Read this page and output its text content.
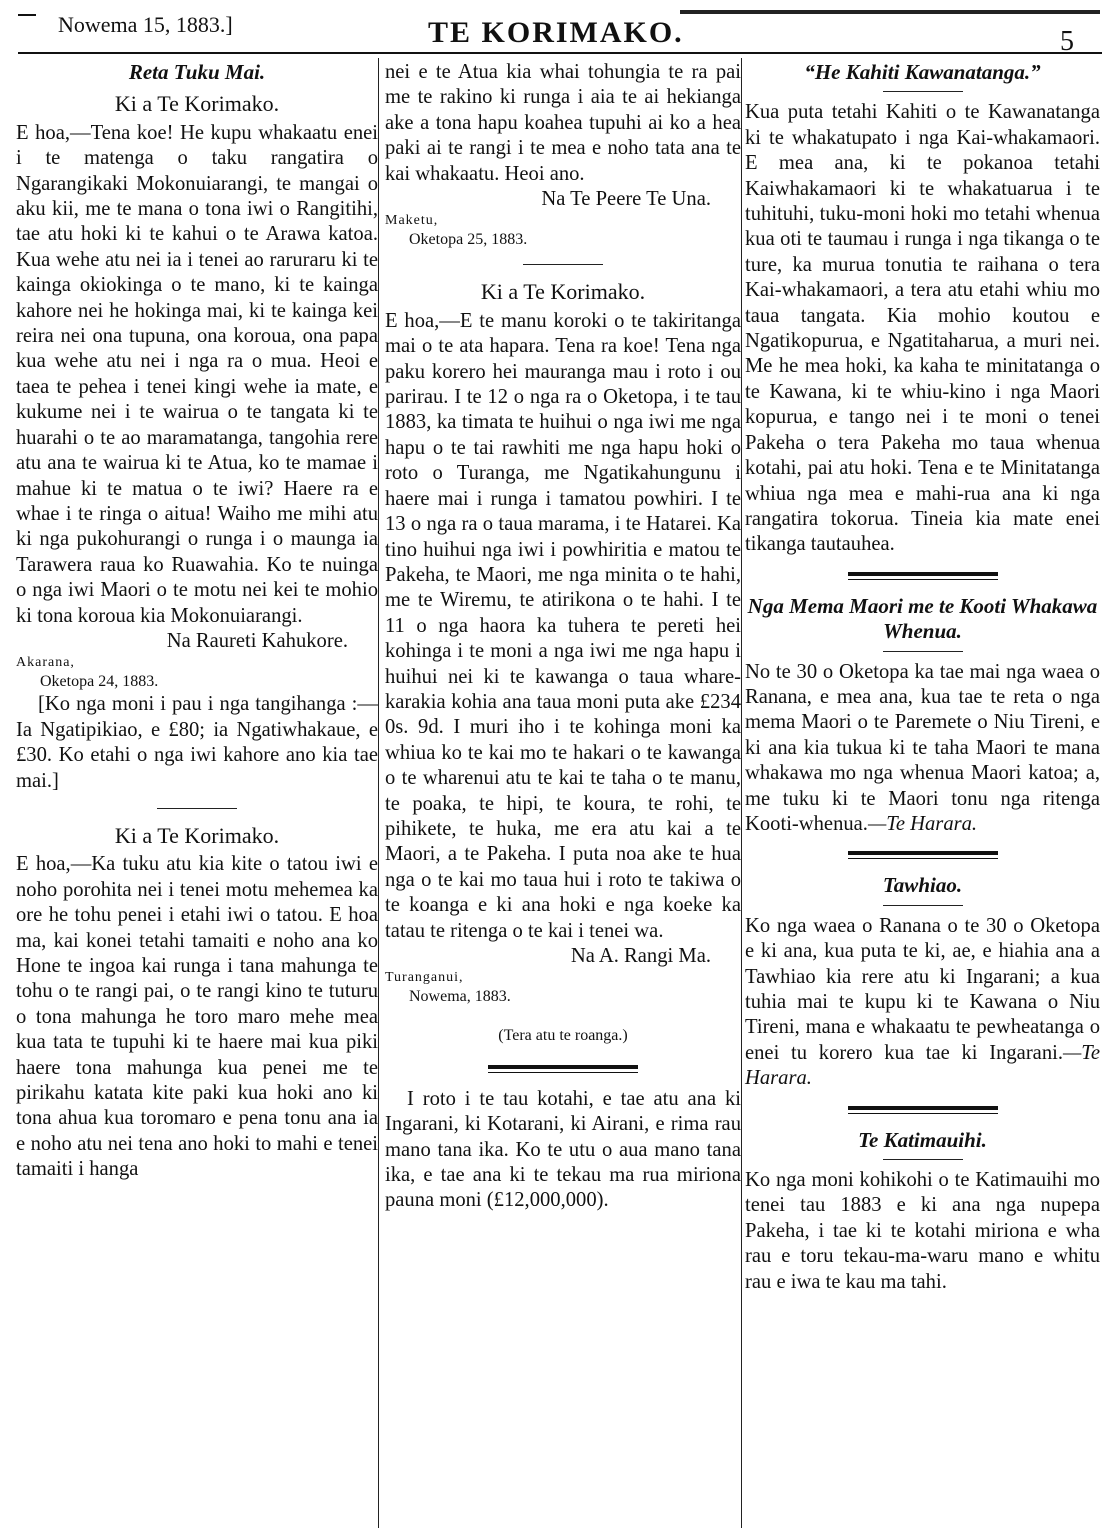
Nowema 15, 1883.]	TE KORIMAKO.	5
Reta Tuku Mai.
Ki a Te Korimako.

E hoa,—Tena koe! He kupu whakaatu enei i te matenga o taku rangatira o Ngarangikaki Mokonuiarangi, te mangai o aku kii, me te mana o tona iwi o Rangitihi, tae atu hoki ki te kahui o te Arawa katoa. Kua wehe atu nei ia i tenei ao raruraru ki te kainga okiokinga o te mano, ki te kainga kahore nei he hokinga mai, ki te kainga kei reira nei ona tupuna, ona koroua, ona papa kua wehe atu nei i nga ra o mua. Heoi e taea te pehea i tenei kingi wehe ia mate, e kukume nei i te wairua o te tangata ki te huarahi o te ao maramatanga, tangohia rere atu ana te wairua ki te Atua, ko te mamae i mahue ki te matua o te iwi? Haere ra e whae i te ringa o aitua! Waiho me mihi atu ki nga pukohurangi o runga i o maunga ia Tarawera raua ko Ruawahia. Ko te nuinga o nga iwi Maori o te motu nei kei te mohio ki tona koroua kia Mokonuiarangi.

Na Raureti Kahukore.

Akarana,

Oketopa 24, 1883.

[Ko nga moni i pau i nga tangihanga :—Ia Ngatipikiao, e £80; ia Ngatiwhakaue, e £30. Ko etahi o nga iwi kahore ano kia tae mai.]

Ki a Te Korimako.

E hoa,—Ka tuku atu kia kite o tatou iwi e noho porohita nei i tenei motu mehemea ka ore he tohu penei i etahi iwi o tatou. E hoa ma, kai konei tetahi tamaiti e noho ana ko Hone te ingoa kai runga i tana mahunga te tohu o te rangi pai, o te rangi kino te tuturu o tona mahunga he toro maro mehe mea kua tata te tupuhi ki te haere mai kua piki haere tona mahunga kua penei me te pirikahu katata kite paki kua hoki ano ki tona ahua kua toromaro e pena tonu ana ia e noho atu nei tena ano hoki to mahi e tenei tamaiti i hanga

nei e te Atua kia whai tohungia te ra pai me te rakino ki runga i aia te ai hekianga ake a tona hapu koahea tupuhi ai ko a hea paki ai te rangi i te mea e noho tata ana te kai whakaatu. Heoi ano.

Na Te Peere Te Una.

Maketu,

Oketopa 25, 1883.

Ki a Te Korimako.

E hoa,—E te manu koroki o te takiritanga mai o te ata hapara. Tena ra koe! Tena nga paku korero hei mauranga mau i roto i ou parirau. I te 12 o nga ra o Oketopa, i te tau 1883, ka timata te huihui o nga iwi me nga hapu o te tai rawhiti me nga hapu hoki o roto o Turanga, me Ngatikahungunu i haere mai i runga i tamatou powhiri. I te 13 o nga ra o taua marama, i te Hatarei. Ka tino huihui nga iwi i powhiritia e matou te Pakeha, te Maori, me nga minita o te hahi, me te Wiremu, te atirikona o te hahi. I te 11 o nga haora ka tuhera te pereti hei kohinga i te moni a nga iwi me nga hapu i huihui nei ki te kawanga o taua whare-karakia kohia ana taua moni puta ake £234 0s. 9d. I muri iho i te kohinga moni ka whiua ko te kai mo te hakari o te kawanga o te wharenui atu te kai te taha o te manu, te poaka, te hipi, te koura, te rohi, te pihikete, te huka, me era atu kai a te Maori, a te Pakeha. I puta noa ake te hua nga o te kai mo taua hui i roto te takiwa o te koanga e ki ana hoki e nga koeke ka tatau te ritenga o te kai i tenei wa.

Na A. Rangi Ma.

Turanganui,

Nowema, 1883.

(Tera atu te roanga.)

I roto i te tau kotahi, e tae atu ana ki Ingarani, ki Kotarani, ki Airani, e rima rau mano tana ika. Ko te utu o aua mano tana ika, e tae ana ki te tekau ma rua miriona pauna moni (£12,000,000).

“He Kahiti Kawanatanga.”

Kua puta tetahi Kahiti o te Kawanatanga ki te whakatupato i nga Kai-whakamaori. E mea ana, ki te pokanoa tetahi Kaiwhakamaori ki te whakatuarua i te tuhituhi, tuku-moni hoki mo tetahi whenua kua oti te taumau i runga i nga tikanga o te ture, ka murua tonutia te raihana o tera Kai-whakamaori, a tera atu etahi whiu mo taua tangata. Kia mohio koutou e Ngatikopurua, e Ngatitaharua, a muri nei. Me he mea hoki, ka kaha te minitatanga o te Kawana, ki te whiu-kino i nga Maori kopurua, e tango nei i te moni o tenei Pakeha o tera Pakeha mo taua whenua kotahi, pai atu hoki. Tena e te Minitatanga whiua nga mea e mahi-rua ana ki nga rangatira tokorua. Tineia kia mate enei tikanga tautauhea.

Nga Mema Maori me te Kooti Whakawa Whenua.

No te 30 o Oketopa ka tae mai nga waea o Ranana, e mea ana, kua tae te reta o nga mema Maori o te Paremete o Niu Tireni, e ki ana kia tukua ki te taha Maori te mana whakawa mo nga whenua Maori katoa; a, me tuku ki te Maori tonu nga ritenga Kooti-whenua.—Te Harara.

Tawhiao.

Ko nga waea o Ranana o te 30 o Oketopa e ki ana, kua puta te ki, ae, e hiahia ana a Tawhiao kia rere atu ki Ingarani; a kua tuhia mai te kupu ki te Kawana o Niu Tireni, mana e whakaatu te pewheatanga o enei tu korero kua tae ki Ingarani.—Te Harara.

Te Katimauihi.

Ko nga moni kohikohi o te Katimauihi mo tenei tau 1883 e ki ana nga nupepa Pakeha, i tae ki te kotahi miriona e wha rau e toru tekau-ma-waru mano e whitu rau e iwa te kau ma tahi.
